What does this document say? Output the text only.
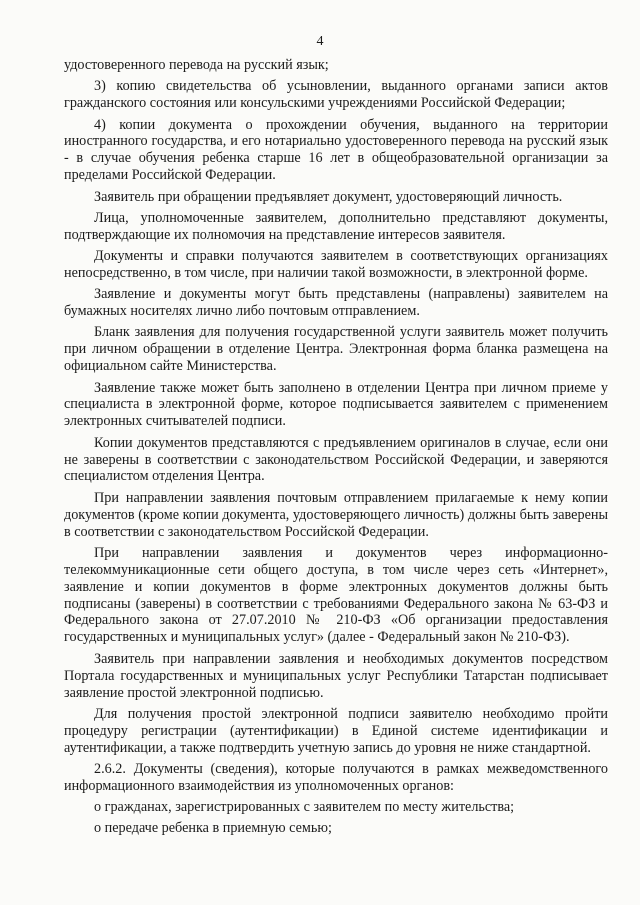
4

удостоверенного перевода на русский язык;

3) копию свидетельства об усыновлении, выданного органами записи актов гражданского состояния или консульскими учреждениями Российской Федерации;

4) копии документа о прохождении обучения, выданного на территории иностранного государства, и его нотариально удостоверенного перевода на русский язык - в случае обучения ребенка старше 16 лет в общеобразовательной организации за пределами Российской Федерации.

Заявитель при обращении предъявляет документ, удостоверяющий личность.

Лица, уполномоченные заявителем, дополнительно представляют документы, подтверждающие их полномочия на представление интересов заявителя.

Документы и справки получаются заявителем в соответствующих организациях непосредственно, в том числе, при наличии такой возможности, в электронной форме.

Заявление и документы могут быть представлены (направлены) заявителем на бумажных носителях лично либо почтовым отправлением.

Бланк заявления для получения государственной услуги заявитель может получить при личном обращении в отделение Центра. Электронная форма бланка размещена на официальном сайте Министерства.

Заявление также может быть заполнено в отделении Центра при личном приеме у специалиста в электронной форме, которое подписывается заявителем с применением электронных считывателей подписи.

Копии документов представляются с предъявлением оригиналов в случае, если они не заверены в соответствии с законодательством Российской Федерации, и заверяются специалистом отделения Центра.

При направлении заявления почтовым отправлением прилагаемые к нему копии документов (кроме копии документа, удостоверяющего личность) должны быть заверены в соответствии с законодательством Российской Федерации.

При направлении заявления и документов через информационно-телекоммуникационные сети общего доступа, в том числе через сеть «Интернет», заявление и копии документов в форме электронных документов должны быть подписаны (заверены) в соответствии с требованиями Федерального закона № 63-ФЗ и Федерального закона от 27.07.2010 № 210-ФЗ «Об организации предоставления государственных и муниципальных услуг» (далее - Федеральный закон № 210-ФЗ).

Заявитель при направлении заявления и необходимых документов посредством Портала государственных и муниципальных услуг Республики Татарстан подписывает заявление простой электронной подписью.

Для получения простой электронной подписи заявителю необходимо пройти процедуру регистрации (аутентификации) в Единой системе идентификации и аутентификации, а также подтвердить учетную запись до уровня не ниже стандартной.

2.6.2. Документы (сведения), которые получаются в рамках межведомственного информационного взаимодействия из уполномоченных органов:

о гражданах, зарегистрированных с заявителем по месту жительства;

о передаче ребенка в приемную семью;
